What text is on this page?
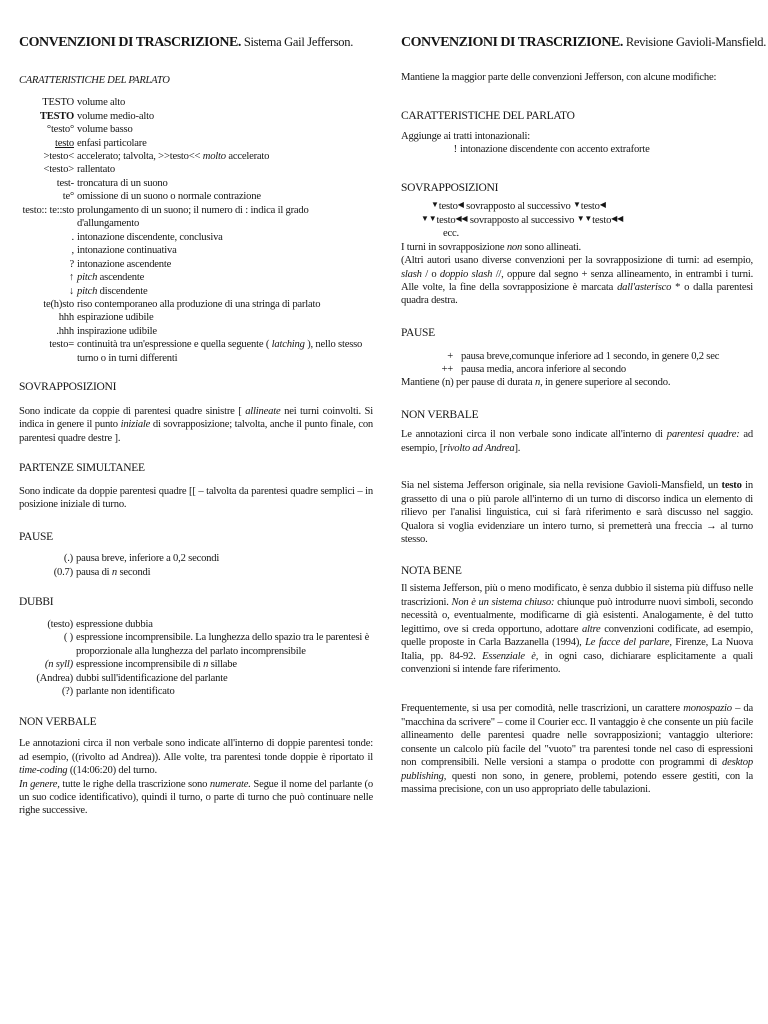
CONVENZIONI DI TRASCRIZIONE. Sistema Gail Jefferson.
CARATTERISTICHE DEL PARLATO
TESTO volume alto
TESTO volume medio-alto
°testo° volume basso
testo enfasi particolare
>testo< accelerato; talvolta, >>testo<< molto accelerato
<testo> rallentato
test- troncatura di un suono
te° omissione di un suono o normale contrazione
testo:: te::sto prolungamento di un suono; il numero di : indica il grado d'allungamento
. intonazione discendente, conclusiva
, intonazione continuativa
? intonazione ascendente
↑ pitch ascendente
↓ pitch discendente
te(h)sto riso contemporaneo alla produzione di una stringa di parlato
hhh espirazione udibile
.hhh inspirazione udibile
testo= continuità tra un'espressione e quella seguente ( latching ), nello stesso turno o in turni differenti
SOVRAPPOSIZIONI

Sono indicate da coppie di parentesi quadre sinistre [ allineate nei turni coinvolti. Si indica in genere il punto iniziale di sovrapposizione; talvolta, anche il punto finale, con parentesi quadre destre ].

PARTENZE SIMULTANEE

Sono indicate da doppie parentesi quadre [[ – talvolta da parentesi quadre semplici – in posizione iniziale di turno.

PAUSE
(.) pausa breve, inferiore a 0,2 secondi
(0.7) pausa di n secondi
DUBBI
(testo) espressione dubbia
( ) espressione incomprensibile. La lunghezza dello spazio tra le parentesi è proporzionale alla lunghezza del parlato incomprensibile
(n syll) espressione incomprensibile di n sillabe
(Andrea) dubbi sull'identificazione del parlante
(?) parlante non identificato
NON VERBALE

Le annotazioni circa il non verbale sono indicate all'interno di doppie parentesi tonde: ad esempio, ((rivolto ad Andrea)). Alle volte, tra parentesi tonde doppie è riportato il time-coding ((14:06:20) del turno.

In genere, tutte le righe della trascrizione sono numerate. Segue il nome del parlante (o un suo codice identificativo), quindi il turno, o parte di turno che può continuare nelle righe successive.

CONVENZIONI DI TRASCRIZIONE. Revisione Gavioli-Mansfield.

Mantiene la maggior parte delle convenzioni Jefferson, con alcune modifiche:

CARATTERISTICHE DEL PARLATO

Aggiunge ai tratti intonazionali:

! intonazione discendente con accento extraforte
SOVRAPPOSIZIONI
▼testo◀ sovrapposto al successivo ▼testo◀
▼▼testo◀◀ sovrapposto al successivo ▼▼testo◀◀
ecc.

I turni in sovrapposizione non sono allineati.

(Altri autori usano diverse convenzioni per la sovrapposizione di turni: ad esempio, slash / o doppio slash //, oppure dal segno + senza allineamento, in entrambi i turni. Alle volte, la fine della sovrapposizione è marcata dall'asterisco * o dalla parentesi quadra destra.

PAUSE
+ pausa breve,comunque inferiore ad 1 secondo, in genere 0,2 sec
++ pausa media, ancora inferiore al secondo

Mantiene (n) per pause di durata n, in genere superiore al secondo.

NON VERBALE

Le annotazioni circa il non verbale sono indicate all'interno di parentesi quadre: ad esempio, [rivolto ad Andrea].

Sia nel sistema Jefferson originale, sia nella revisione Gavioli-Mansfield, un testo in grassetto di una o più parole all'interno di un turno di discorso indica un elemento di rilievo per l'analisi linguistica, cui si farà riferimento e sarà discusso nel saggio. Qualora si voglia evidenziare un intero turno, si premetterà una freccia → al turno stesso.

NOTA BENE

Il sistema Jefferson, più o meno modificato, è senza dubbio il sistema più diffuso nelle trascrizioni. Non è un sistema chiuso: chiunque può introdurre nuovi simboli, secondo necessità o, eventualmente, modificarne di già esistenti. Analogamente, è del tutto legittimo, ove si creda opportuno, adottare altre convenzioni codificate, ad esempio, quelle proposte in Carla Bazzanella (1994), Le facce del parlare, Firenze, La Nuova Italia, pp. 84-92. Essenziale è, in ogni caso, dichiarare esplicitamente a quali convenzioni si intende fare riferimento.

Frequentemente, si usa per comodità, nelle trascrizioni, un carattere monospazio – da "macchina da scrivere" – come il Courier ecc. Il vantaggio è che consente un più facile allineamento delle parentesi quadre nelle sovrapposizioni; vantaggio ulteriore: consente un calcolo più facile del "vuoto" tra parentesi tonde nel caso di espressioni non comprensibili. Nelle versioni a stampa o prodotte con programmi di desktop publishing, questi non sono, in genere, problemi, potendo essere gestiti, con la massima precisione, con un uso appropriato delle tabulazioni.
